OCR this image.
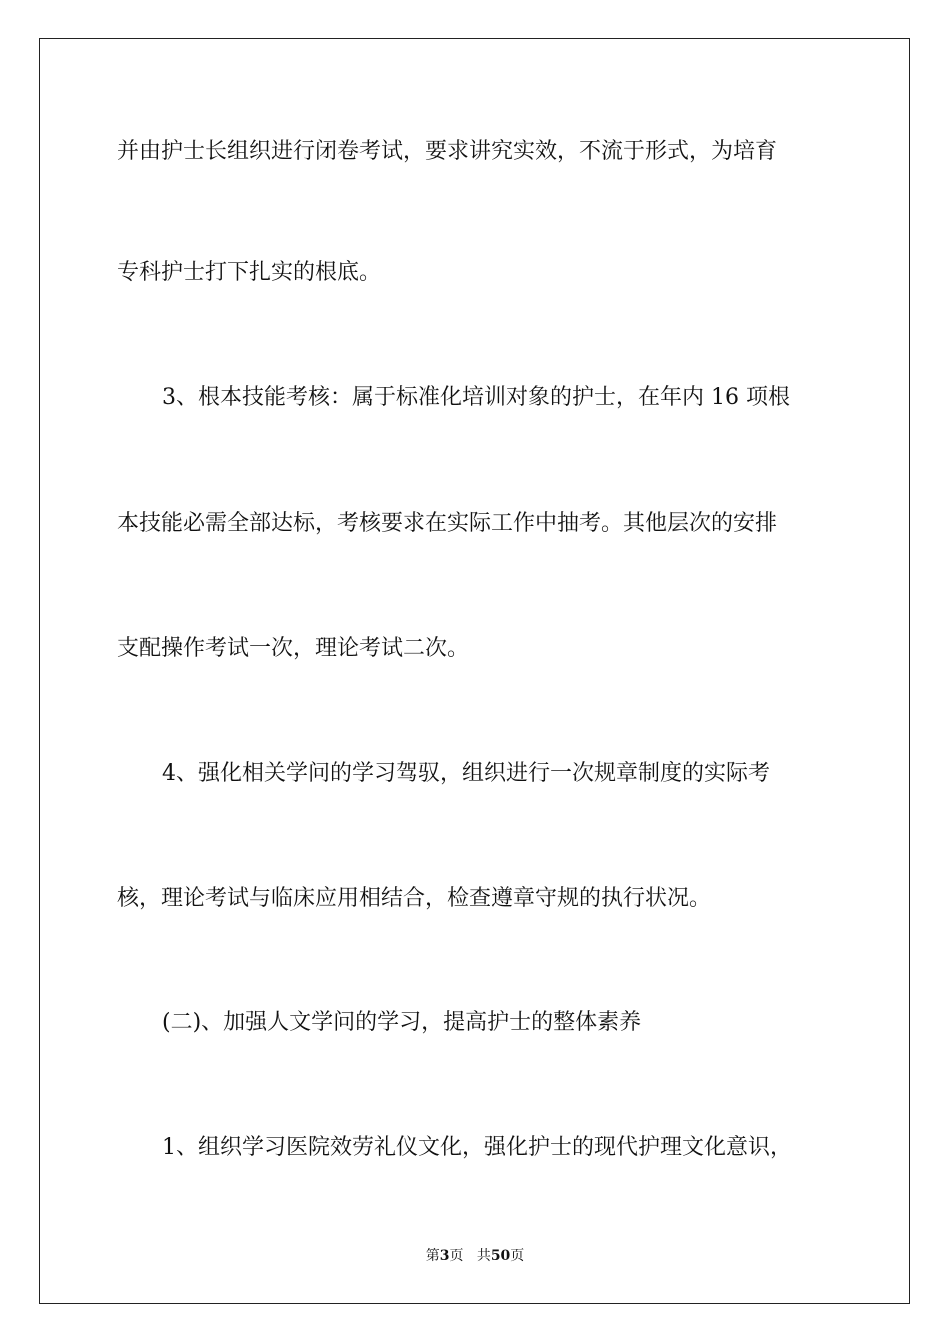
并由护士长组织进行闭卷考试，要求讲究实效，不流于形式，为培育

专科护士打下扎实的根底。

3、根本技能考核：属于标准化培训对象的护士，在年内 16 项根

本技能必需全部达标，考核要求在实际工作中抽考。其他层次的安排

支配操作考试一次，理论考试二次。

4、强化相关学问的学习驾驭，组织进行一次规章制度的实际考

核，理论考试与临床应用相结合，检查遵章守规的执行状况。

(二)、加强人文学问的学习，提高护士的整体素养

1、组织学习医院效劳礼仪文化，强化护士的现代护理文化意识，

第3页 共50页
